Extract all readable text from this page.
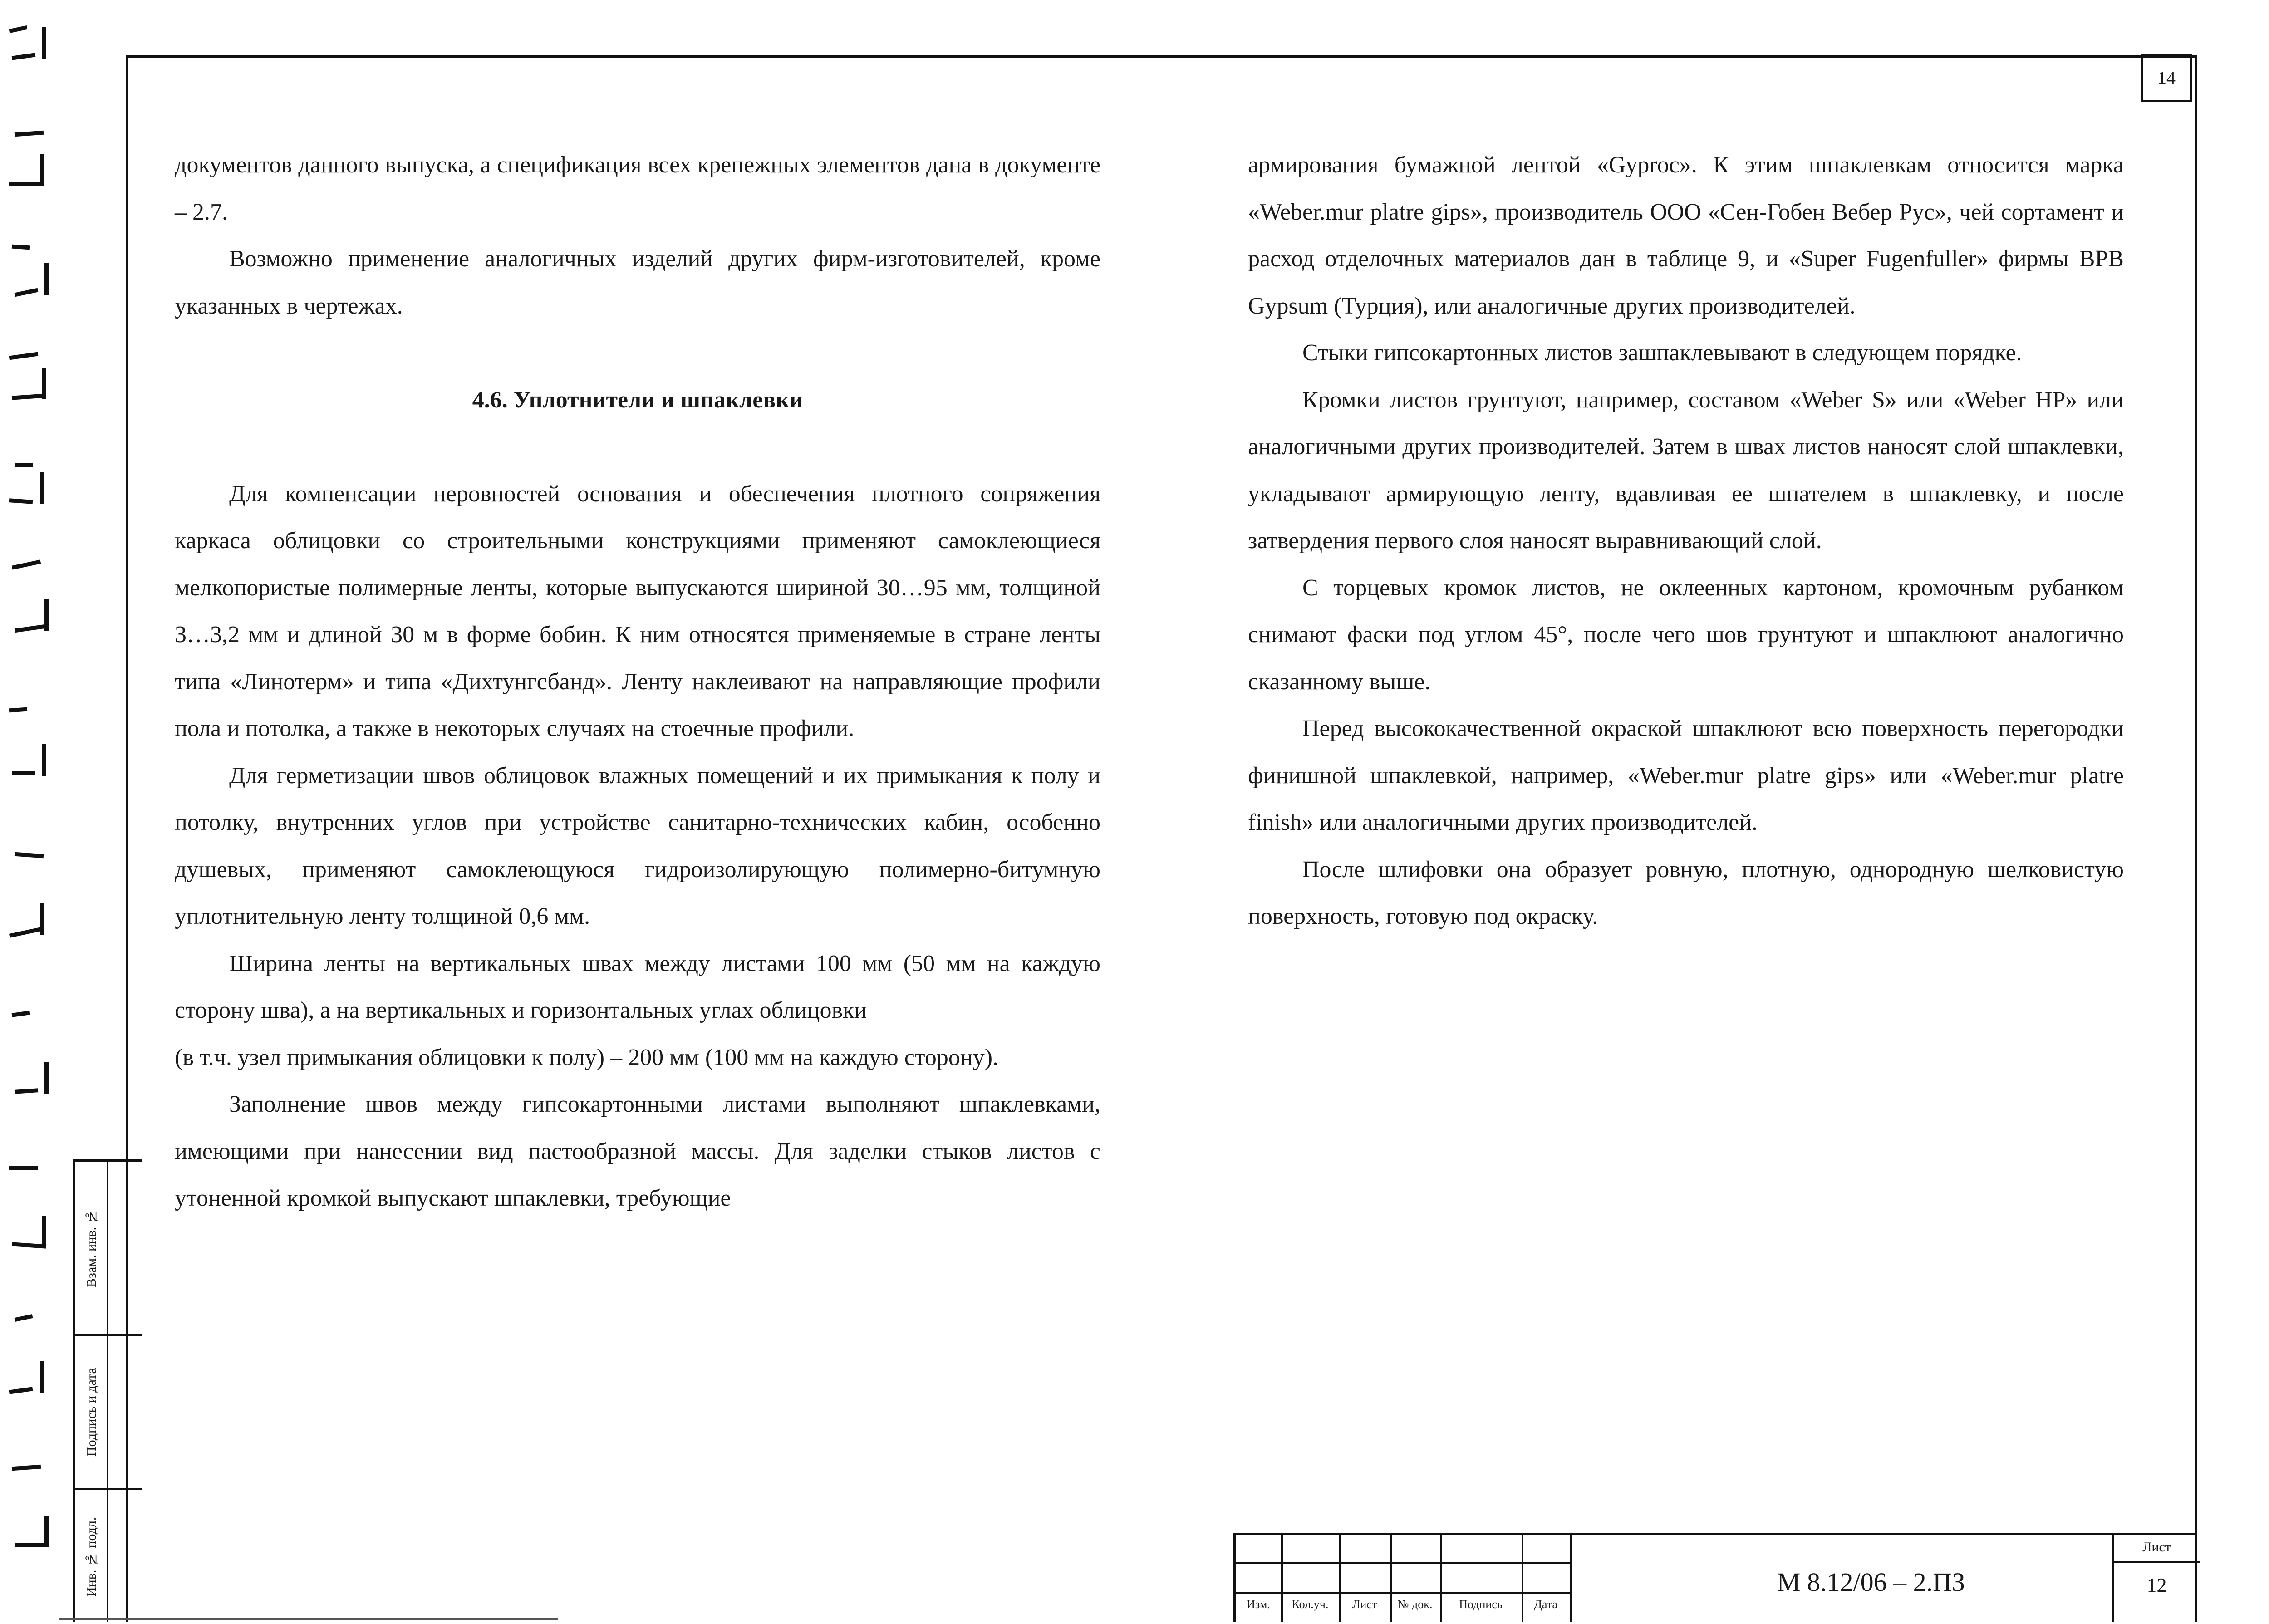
14

документов данного выпуска, а спецификация всех крепежных элементов дана в документе – 2.7.

Возможно применение аналогичных изделий других фирм-изготовителей, кроме указанных в чертежах.

4.6. Уплотнители и шпаклевки

Для компенсации неровностей основания и обеспечения плотного сопряжения каркаса облицовки со строительными конструкциями применяют самоклеющиеся мелкопористые полимерные ленты, которые выпускаются шириной 30…95 мм, толщиной 3…3,2 мм и длиной 30 м в форме бобин. К ним относятся применяемые в стране ленты типа «Линотерм» и типа «Дихтунгсбанд». Ленту наклеивают на направляющие профили пола и потолка, а также в некоторых случаях на стоечные профили.

Для герметизации швов облицовок влажных помещений и их примыкания к полу и потолку, внутренних углов при устройстве санитарно-технических кабин, особенно душевых, применяют самоклеющуюся гидроизолирующую полимерно-битумную уплотнительную ленту толщиной 0,6 мм.

Ширина ленты на вертикальных швах между листами 100 мм (50 мм на каждую сторону шва), а на вертикальных и горизонтальных углах облицовки

(в т.ч. узел примыкания облицовки к полу) – 200 мм (100 мм на каждую сторону).

Заполнение швов между гипсокартонными листами выполняют шпаклевками, имеющими при нанесении вид пастообразной массы. Для заделки стыков листов с утоненной кромкой выпускают шпаклевки, требующие

армирования бумажной лентой «Gyproc». К этим шпаклевкам относится марка «Weber.mur platre gips», производитель ООО «Сен-Гобен Вебер Рус», чей сортамент и расход отделочных материалов дан в таблице 9, и «Super Fugenfuller» фирмы BPB Gypsum (Турция), или аналогичные других производителей.

Стыки гипсокартонных листов зашпаклевывают в следующем порядке.

Кромки листов грунтуют, например, составом «Weber S» или «Weber HP» или аналогичными других производителей. Затем в швах листов наносят слой шпаклевки, укладывают армирующую ленту, вдавливая ее шпателем в шпаклевку, и после затвердения первого слоя наносят выравнивающий слой.

С торцевых кромок листов, не оклеенных картоном, кромочным рубанком снимают фаски под углом 45°, после чего шов грунтуют и шпаклюют аналогично сказанному выше.

Перед высококачественной окраской шпаклюют всю поверхность перегородки финишной шпаклевкой, например, «Weber.mur platre gips» или «Weber.mur platre finish» или аналогичными других производителей.

После шлифовки она образует ровную, плотную, однородную шелковистую поверхность, готовую под окраску.

Взам. инв. №
Подпись и дата
Инв. № подл.
Изм.	Кол.уч.	Лист	№ док.	Подпись	Дата
М 8.12/06 – 2.ПЗ
Лист
12
